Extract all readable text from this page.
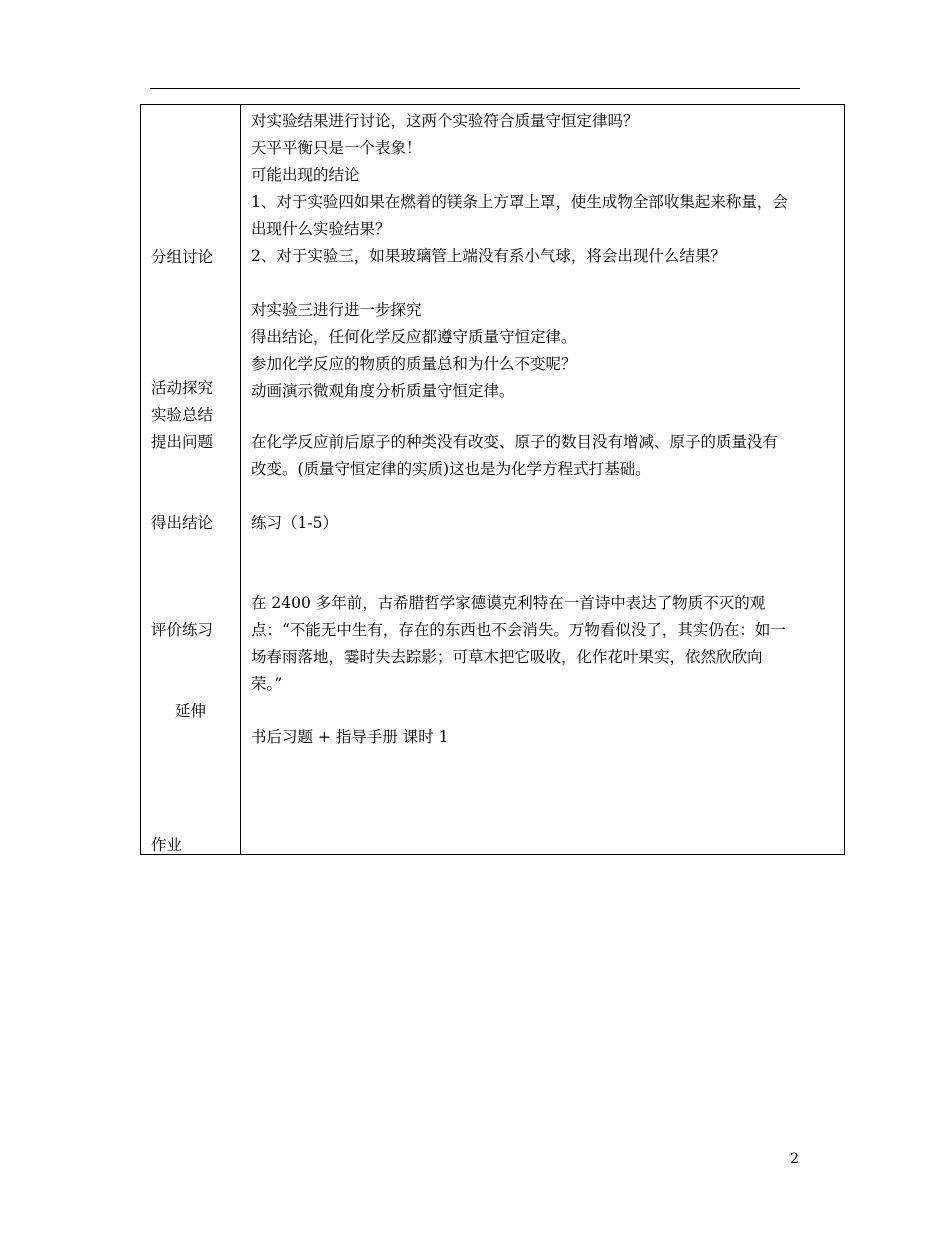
分组讨论
活动探究
实验总结
提出问题
得出结论
评价练习
延伸
作业
对实验结果进行讨论，这两个实验符合质量守恒定律吗？
天平平衡只是一个表象！
可能出现的结论
1、对于实验四如果在燃着的镁条上方罩上罩，使生成物全部收集起来称量，会
出现什么实验结果？
2、对于实验三，如果玻璃管上端没有系小气球，将会出现什么结果？
对实验三进行进一步探究
得出结论，任何化学反应都遵守质量守恒定律。
参加化学反应的物质的质量总和为什么不变呢？
动画演示微观角度分析质量守恒定律。
在化学反应前后原子的种类没有改变、原子的数目没有增减、原子的质量没有
改变。(质量守恒定律的实质)这也是为化学方程式打基础。
练习（1-5）
在 2400 多年前，古希腊哲学家德谟克利特在一首诗中表达了物质不灭的观
点：“不能无中生有，存在的东西也不会消失。万物看似没了，其实仍在：如一
场春雨落地，霎时失去踪影；可草木把它吸收，化作花叶果实，依然欣欣向
荣。”
书后习题 + 指导手册 课时 1
2
